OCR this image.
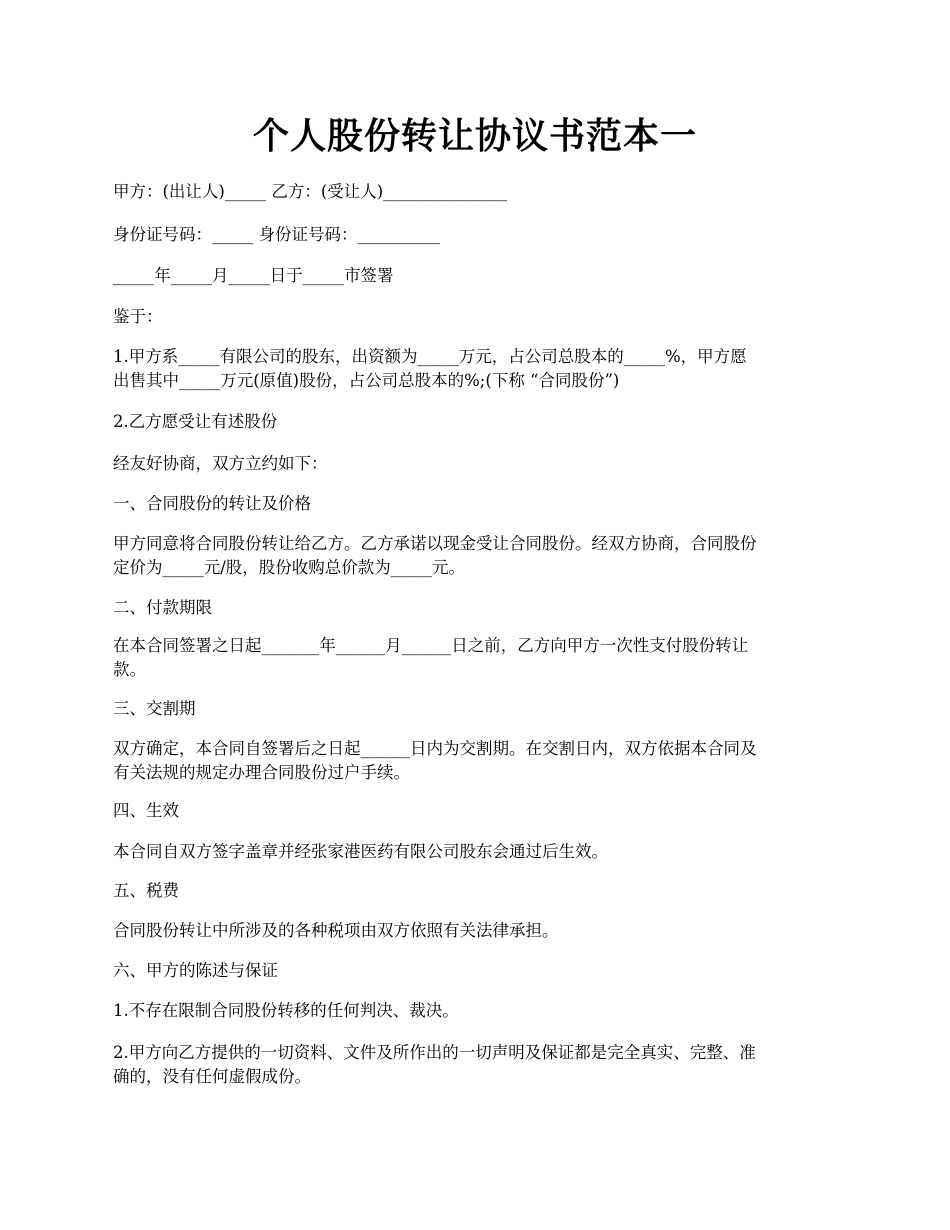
个人股份转让协议书范本一
甲方：(出让人)_____ 乙方：(受让人)_______________
身份证号码：_____ 身份证号码：__________
_____年_____月_____日于_____市签署
鉴于：
1.甲方系_____有限公司的股东，出资额为_____万元，占公司总股本的_____%，甲方愿
出售其中_____万元(原值)股份，占公司总股本的%;(下称 “合同股份”)
2.乙方愿受让有述股份
经友好协商，双方立约如下：
一、合同股份的转让及价格
甲方同意将合同股份转让给乙方。乙方承诺以现金受让合同股份。经双方协商，合同股份
定价为_____元/股，股份收购总价款为_____元。
二、付款期限
在本合同签署之日起_______年______月______日之前，乙方向甲方一次性支付股份转让
款。
三、交割期
双方确定，本合同自签署后之日起______日内为交割期。在交割日内，双方依据本合同及
有关法规的规定办理合同股份过户手续。
四、生效
本合同自双方签字盖章并经张家港医药有限公司股东会通过后生效。
五、税费
合同股份转让中所涉及的各种税项由双方依照有关法律承担。
六、甲方的陈述与保证
1.不存在限制合同股份转移的任何判决、裁决。
2.甲方向乙方提供的一切资料、文件及所作出的一切声明及保证都是完全真实、完整、准
确的，没有任何虚假成份。
